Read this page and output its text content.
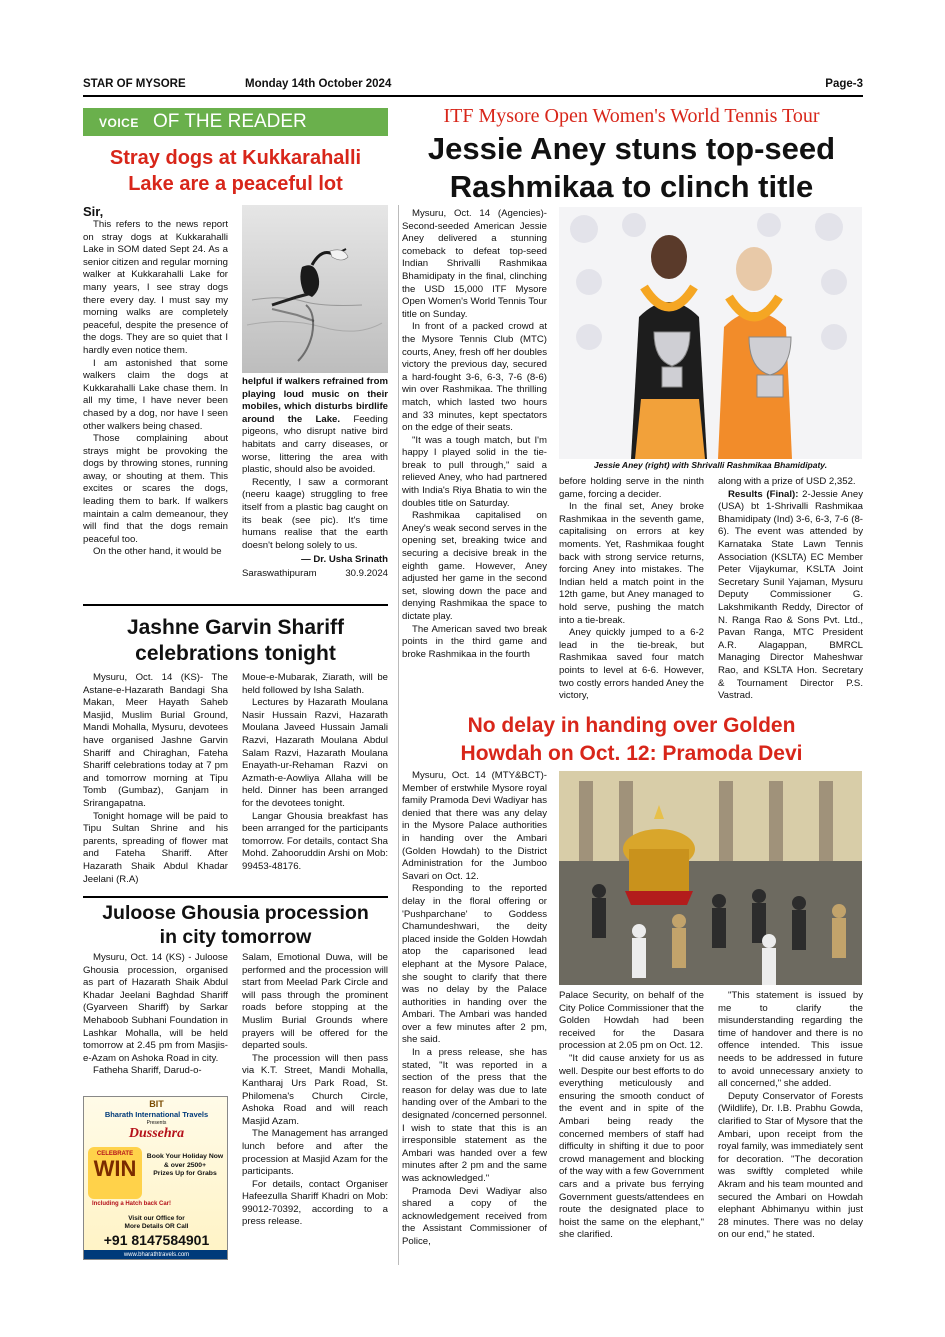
STAR OF MYSORE	Monday 14th October 2024	Page-3
VOICE OF THE READER
Stray dogs at Kukkarahalli
Lake are a peaceful lot
Sir,

This refers to the news report on stray dogs at Kukkarahalli Lake in SOM dated Sept 24. As a senior citizen and regular morning walker at Kukkarahalli Lake for many years, I see stray dogs there every day. I must say my morning walks are completely peaceful, despite the presence of the dogs. They are so quiet that I hardly even notice them.

I am astonished that some walkers claim the dogs at Kukkarahalli Lake chase them. In all my time, I have never been chased by a dog, nor have I seen other walkers being chased.

Those complaining about strays might be provoking the dogs by throwing stones, running away, or shouting at them. This excites or scares the dogs, leading them to bark. If walkers maintain a calm demeanour, they will find that the dogs remain peaceful too.

On the other hand, it would be

helpful if walkers refrained from playing loud music on their mobiles, which disturbs birdlife around the Lake. Feeding pigeons, who disrupt native bird habitats and carry diseases, or worse, littering the area with plastic, should also be avoided.

Recently, I saw a cormorant (neeru kaage) struggling to free itself from a plastic bag caught on its beak (see pic). It's time humans realise that the earth doesn't belong solely to us.

— Dr. Usha Srinath
Saraswathipuram	30.9.2024
Jashne Garvin Shariff
celebrations tonight

Mysuru, Oct. 14 (KS)- The Astane-e-Hazarath Bandagi Sha Makan, Meer Hayath Saheb Masjid, Muslim Burial Ground, Mandi Mohalla, Mysuru, devotees have organised Jashne Garvin Shariff and Chiraghan, Fateha Shariff celebrations today at 7 pm and tomorrow morning at Tipu Tomb (Gumbaz), Ganjam in Srirangapatna.

Tonight homage will be paid to Tipu Sultan Shrine and his parents, spreading of flower mat and Fateha Shariff. After Hazarath Shaik Abdul Khadar Jeelani (R.A)

Moue-e-Mubarak, Ziarath, will be held followed by Isha Salath.

Lectures by Hazarath Moulana Nasir Hussain Razvi, Hazarath Moulana Javeed Hussain Jamali Razvi, Hazarath Moulana Abdul Salam Razvi, Hazarath Moulana Enayath-ur-Rehaman Razvi on Azmath-e-Aowliya Allaha will be held. Dinner has been arranged for the devotees tonight.

Langar Ghousia breakfast has been arranged for the participants tomorrow. For details, contact Sha Mohd. Zahooruddin Arshi on Mob: 99453-48176.

Juloose Ghousia procession
in city tomorrow

Mysuru, Oct. 14 (KS) - Juloose Ghousia procession, organised as part of Hazarath Shaik Abdul Khadar Jeelani Baghdad Shariff (Gyarveen Shariff) by Sarkar Mehaboob Subhani Foundation in Lashkar Mohalla, will be held tomorrow at 2.45 pm from Masjis-e-Azam on Ashoka Road in city.

Fatheha Shariff, Darud-o-

Salam, Emotional Duwa, will be performed and the procession will start from Meelad Park Circle and will pass through the prominent roads before stopping at the Muslim Burial Grounds where prayers will be offered for the departed souls.

The procession will then pass via K.T. Street, Mandi Mohalla, Kantharaj Urs Park Road, St. Philomena's Church Circle, Ashoka Road and will reach Masjid Azam.

The Management has arranged lunch before and after the procession at Masjid Azam for the participants.

For details, contact Organiser Hafeezulla Shariff Khadri on Mob: 99012-70392, according to a press release.

BIT
Bharath International Travels
Presents
Dussehra
CELEBRATE
WIN	Book Your Holiday Now
& over 2500+
Prizes Up for Grabs
Including a Hatch back Car!
Visit our Office for
More Details OR Call
+91 8147584901
www.bharathtravels.com
ITF Mysore Open Women's World Tennis Tour
Jessie Aney stuns top-seed
Rashmikaa to clinch title

Mysuru, Oct. 14 (Agencies)- Second-seeded American Jessie Aney delivered a stunning comeback to defeat top-seed Indian Shrivalli Rashmikaa Bhamidipaty in the final, clinching the USD 15,000 ITF Mysore Open Women's World Tennis Tour title on Sunday.

In front of a packed crowd at the Mysore Tennis Club (MTC) courts, Aney, fresh off her doubles victory the previous day, secured a hard-fought 3-6, 6-3, 7-6 (8-6) win over Rashmikaa. The thrilling match, which lasted two hours and 33 minutes, kept spectators on the edge of their seats.

"It was a tough match, but I'm happy I played solid in the tie-break to pull through," said a relieved Aney, who had partnered with India's Riya Bhatia to win the doubles title on Saturday.

Rashmikaa capitalised on Aney's weak second serves in the opening set, breaking twice and securing a decisive break in the eighth game. However, Aney adjusted her game in the second set, slowing down the pace and denying Rashmikaa the space to dictate play.

The American saved two break points in the third game and broke Rashmikaa in the fourth

Jessie Aney (right) with Shrivalli Rashmikaa Bhamidipaty.

before holding serve in the ninth game, forcing a decider.

In the final set, Aney broke Rashmikaa in the seventh game, capitalising on errors at key moments. Yet, Rashmikaa fought back with strong service returns, forcing Aney into mistakes. The Indian held a match point in the 12th game, but Aney managed to hold serve, pushing the match into a tie-break.

Aney quickly jumped to a 6-2 lead in the tie-break, but Rashmikaa saved four match points to level at 6-6. However, two costly errors handed Aney the victory,

along with a prize of USD 2,352.

Results (Final): 2-Jessie Aney (USA) bt 1-Shrivalli Rashmikaa Bhamidipaty (Ind) 3-6, 6-3, 7-6 (8-6). The event was attended by Karnataka State Lawn Tennis Association (KSLTA) EC Member Peter Vijaykumar, KSLTA Joint Secretary Sunil Yajaman, Mysuru Deputy Commissioner G. Lakshmikanth Reddy, Director of N. Ranga Rao & Sons Pvt. Ltd., Pavan Ranga, MTC President A.R. Alagappan, BMRCL Managing Director Maheshwar Rao, and KSLTA Hon. Secretary & Tournament Director P.S. Vastrad.

No delay in handing over Golden
Howdah on Oct. 12: Pramoda Devi

Mysuru, Oct. 14 (MTY&BCT)- Member of erstwhile Mysore royal family Pramoda Devi Wadiyar has denied that there was any delay in the Mysore Palace authorities in handing over the Ambari (Golden Howdah) to the District Administration for the Jumboo Savari on Oct. 12.

Responding to the reported delay in the floral offering or 'Pushparchane' to Goddess Chamundeshwari, the deity placed inside the Golden Howdah atop the caparisoned lead elephant at the Mysore Palace, she sought to clarify that there was no delay by the Palace authorities in handing over the Ambari. The Ambari was handed over a few minutes after 2 pm, she said.

In a press release, she has stated, "It was reported in a section of the press that the reason for delay was due to late handing over of the Ambari to the designated /concerned personnel. I wish to state that this is an irresponsible statement as the Ambari was handed over a few minutes after 2 pm and the same was acknowledged."

Pramoda Devi Wadiyar also shared a copy of the acknowledgement received from the Assistant Commissioner of Police,

Palace Security, on behalf of the City Police Commissioner that the Golden Howdah had been received for the Dasara procession at 2.05 pm on Oct. 12.

"It did cause anxiety for us as well. Despite our best efforts to do everything meticulously and ensuring the smooth conduct of the event and in spite of the Ambari being ready the concerned members of staff had difficulty in shifting it due to poor crowd management and blocking of the way with a few Government cars and a private bus ferrying Government guests/attendees en route the designated place to hoist the same on the elephant," she clarified.

"This statement is issued by me to clarify the misunderstanding regarding the time of handover and there is no offence intended. This issue needs to be addressed in future to avoid unnecessary anxiety to all concerned," she added.

Deputy Conservator of Forests (Wildlife), Dr. I.B. Prabhu Gowda, clarified to Star of Mysore that the Ambari, upon receipt from the royal family, was immediately sent for decoration. "The decoration was swiftly completed while Akram and his team mounted and secured the Ambari on Howdah elephant Abhimanyu within just 28 minutes. There was no delay on our end," he stated.
